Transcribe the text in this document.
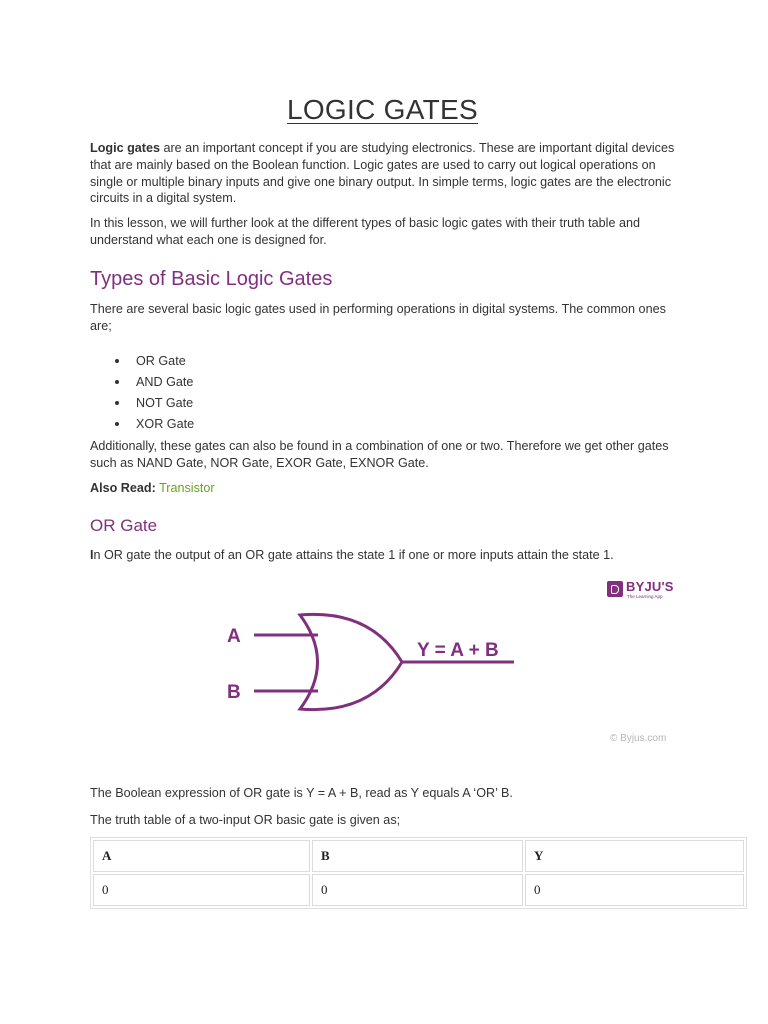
LOGIC GATES

Logic gates are an important concept if you are studying electronics. These are important digital devices that are mainly based on the Boolean function. Logic gates are used to carry out logical operations on single or multiple binary inputs and give one binary output. In simple terms, logic gates are the electronic circuits in a digital system.

In this lesson, we will further look at the different types of basic logic gates with their truth table and understand what each one is designed for.

Types of Basic Logic Gates

There are several basic logic gates used in performing operations in digital systems. The common ones are;

OR Gate
AND Gate
NOT Gate
XOR Gate

Additionally, these gates can also be found in a combination of one or two. Therefore we get other gates such as NAND Gate, NOR Gate, EXOR Gate, EXNOR Gate.

Also Read: Transistor

OR Gate

In OR gate the output of an OR gate attains the state 1 if one or more inputs attain the state 1.

BYJU'S
The Learning App
A
B
Y = A + B
© Byjus.com

The Boolean expression of OR gate is Y = A + B, read as Y equals A ‘OR’ B.

The truth table of a two-input OR basic gate is given as;

A	B	Y
0	0	0
